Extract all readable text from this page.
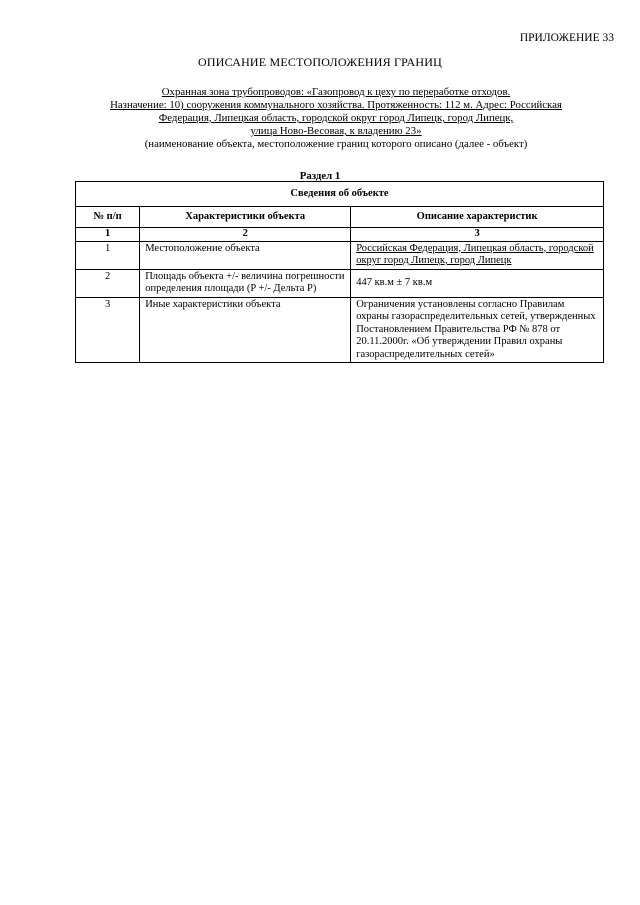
ПРИЛОЖЕНИЕ 33
ОПИСАНИЕ МЕСТОПОЛОЖЕНИЯ ГРАНИЦ
Охранная зона трубопроводов: «Газопровод к цеху по переработке отходов.
Назначение: 10) сооружения коммунального хозяйства. Протяженность: 112 м. Адрес: Российская
Федерация, Липецкая область, городской округ город Липецк, город Липецк,
улица Ново-Весовая, к владению 23»
(наименование объекта, местоположение границ которого описано (далее - объект)
Раздел 1
Сведения об объекте		
№ п/п	Характеристики объекта	Описание характеристик
1	2	3
1	Местоположение объекта	Российская Федерация, Липецкая область, городской округ город Липецк, город Липецк
2	Площадь объекта +/- величина погрешности определения площади (P +/- Дельта P)	447 кв.м ± 7 кв.м
3	Иные характеристики объекта	Ограничения установлены согласно Правилам охраны газораспределительных сетей, утвержденных Постановлением Правительства РФ № 878 от 20.11.2000г. «Об утверждении Правил охраны газораспределительных сетей»
